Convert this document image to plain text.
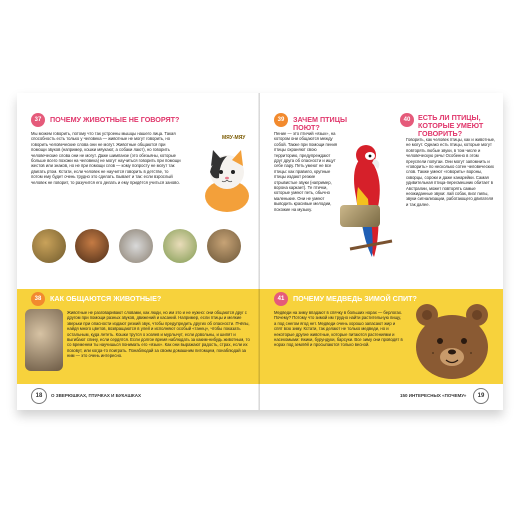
37	ПОЧЕМУ ЖИВОТНЫЕ НЕ ГОВОРЯТ?
Мы можем говорить, потому что так устроены мышцы нашего лица. Такая способность есть только у человека — животные не могут говорить, но говорить человеческие слова они не могут. Животные общаются при помощи звуков (например, кошки мяукают, а собаки лают), но говорить человеческие слова они не могут. Даже шимпанзе (это обезьяны, которые больше всего похожи на человека) не могут научиться говорить при помощи жестов или знаков, но не при помощи слов — кому попросту не могут так двигать ртом. Кстати, если человек не научится говорить в детстве, то потом ему будет очень трудно это сделать. Бывает и так: если взрослый человек не говорит, то разучится его делать и ему придётся учиться заново.
МЯУ-МЯУ
38	КАК ОБЩАЮТСЯ ЖИВОТНЫЕ?
Животные не разговаривают словами, как люди, но им это и не нужно: они общаются друг с другом при помощи разных звуков, движений и касаний. Например, если птицы и мелкие зверьки при опасности издают резкий звук, чтобы предупредить других об опасности. Пчёлы, найдя много цветов, возвращаются в улей и исполняют особый «танец», чтобы показать остальным, куда лететь. Кошки трутся о хозяев и мурлычут, если довольны, и шипят и выгибают спину, если сердятся. Если долгое время наблюдать за каким-нибудь животным, то со временем ты научишься понимать его «язык». Как они выражают радость, страх, если их позовут, или когда-то поиграть. Понаблюдай за своим домашним питомцем, понаблюдай за ним — это очень интересно.
18	О ЗВЕРЮШКАХ, ПТИЧКАХ И БУКАШКАХ
39	ЗАЧЕМ ПТИЦЫ ПОЮТ?
Пение — это птичий «язык», на котором они общаются между собой. Также при помощи пения птицы охраняют свою территорию, предупреждают друг друга об опасности и ищут себе пару. Петь умеют не все птицы: как правило, крупные птицы издают резкие отрывистые звуки (например, ворона каркает). Те птички, которые умеют петь, обычно маленькие. Они не умеют выводить красивые мелодии, похожие на музыку.
40	ЕСТЬ ЛИ ПТИЦЫ, КОТОРЫЕ УМЕЮТ ГОВОРИТЬ?
Говорить, как человек птицы, как и животные, не могут. Однако есть птицы, которые могут повторять любые звуки, в том числе и человеческую речь! Особенно в этом преуспели попугаи. Они могут запомнить и «говорить» по несколько сотен человеческих слов. Также умеют «говорить» вороны, скворцы, сороки и даже канарейки. Самая удивительная птица-пересмешник обитает в Австралии, может повторять самые неожиданные звуки: лай собак, визг пилы, звуки сигнализации, работающего двигателя и так далее.
41	ПОЧЕМУ МЕДВЕДЬ ЗИМОЙ СПИТ?
Медведи на зиму впадают в спячку в больших норах — берлогах. Почему? Потому что зимой им трудно найти растительную пищу, а под снегом ягод нет. Медведи очень хорошо запасают жир и спят всю зиму. Кстати, так делают не только медведи, но и некоторые другие животные, которые питаются растениями и насекомыми: ёжики, бурундуки, барсуки. Все зиму они проводят в норах под землёй и просыпаются только весной.
150 ИНТЕРЕСНЫХ «ПОЧЕМУ»	19
